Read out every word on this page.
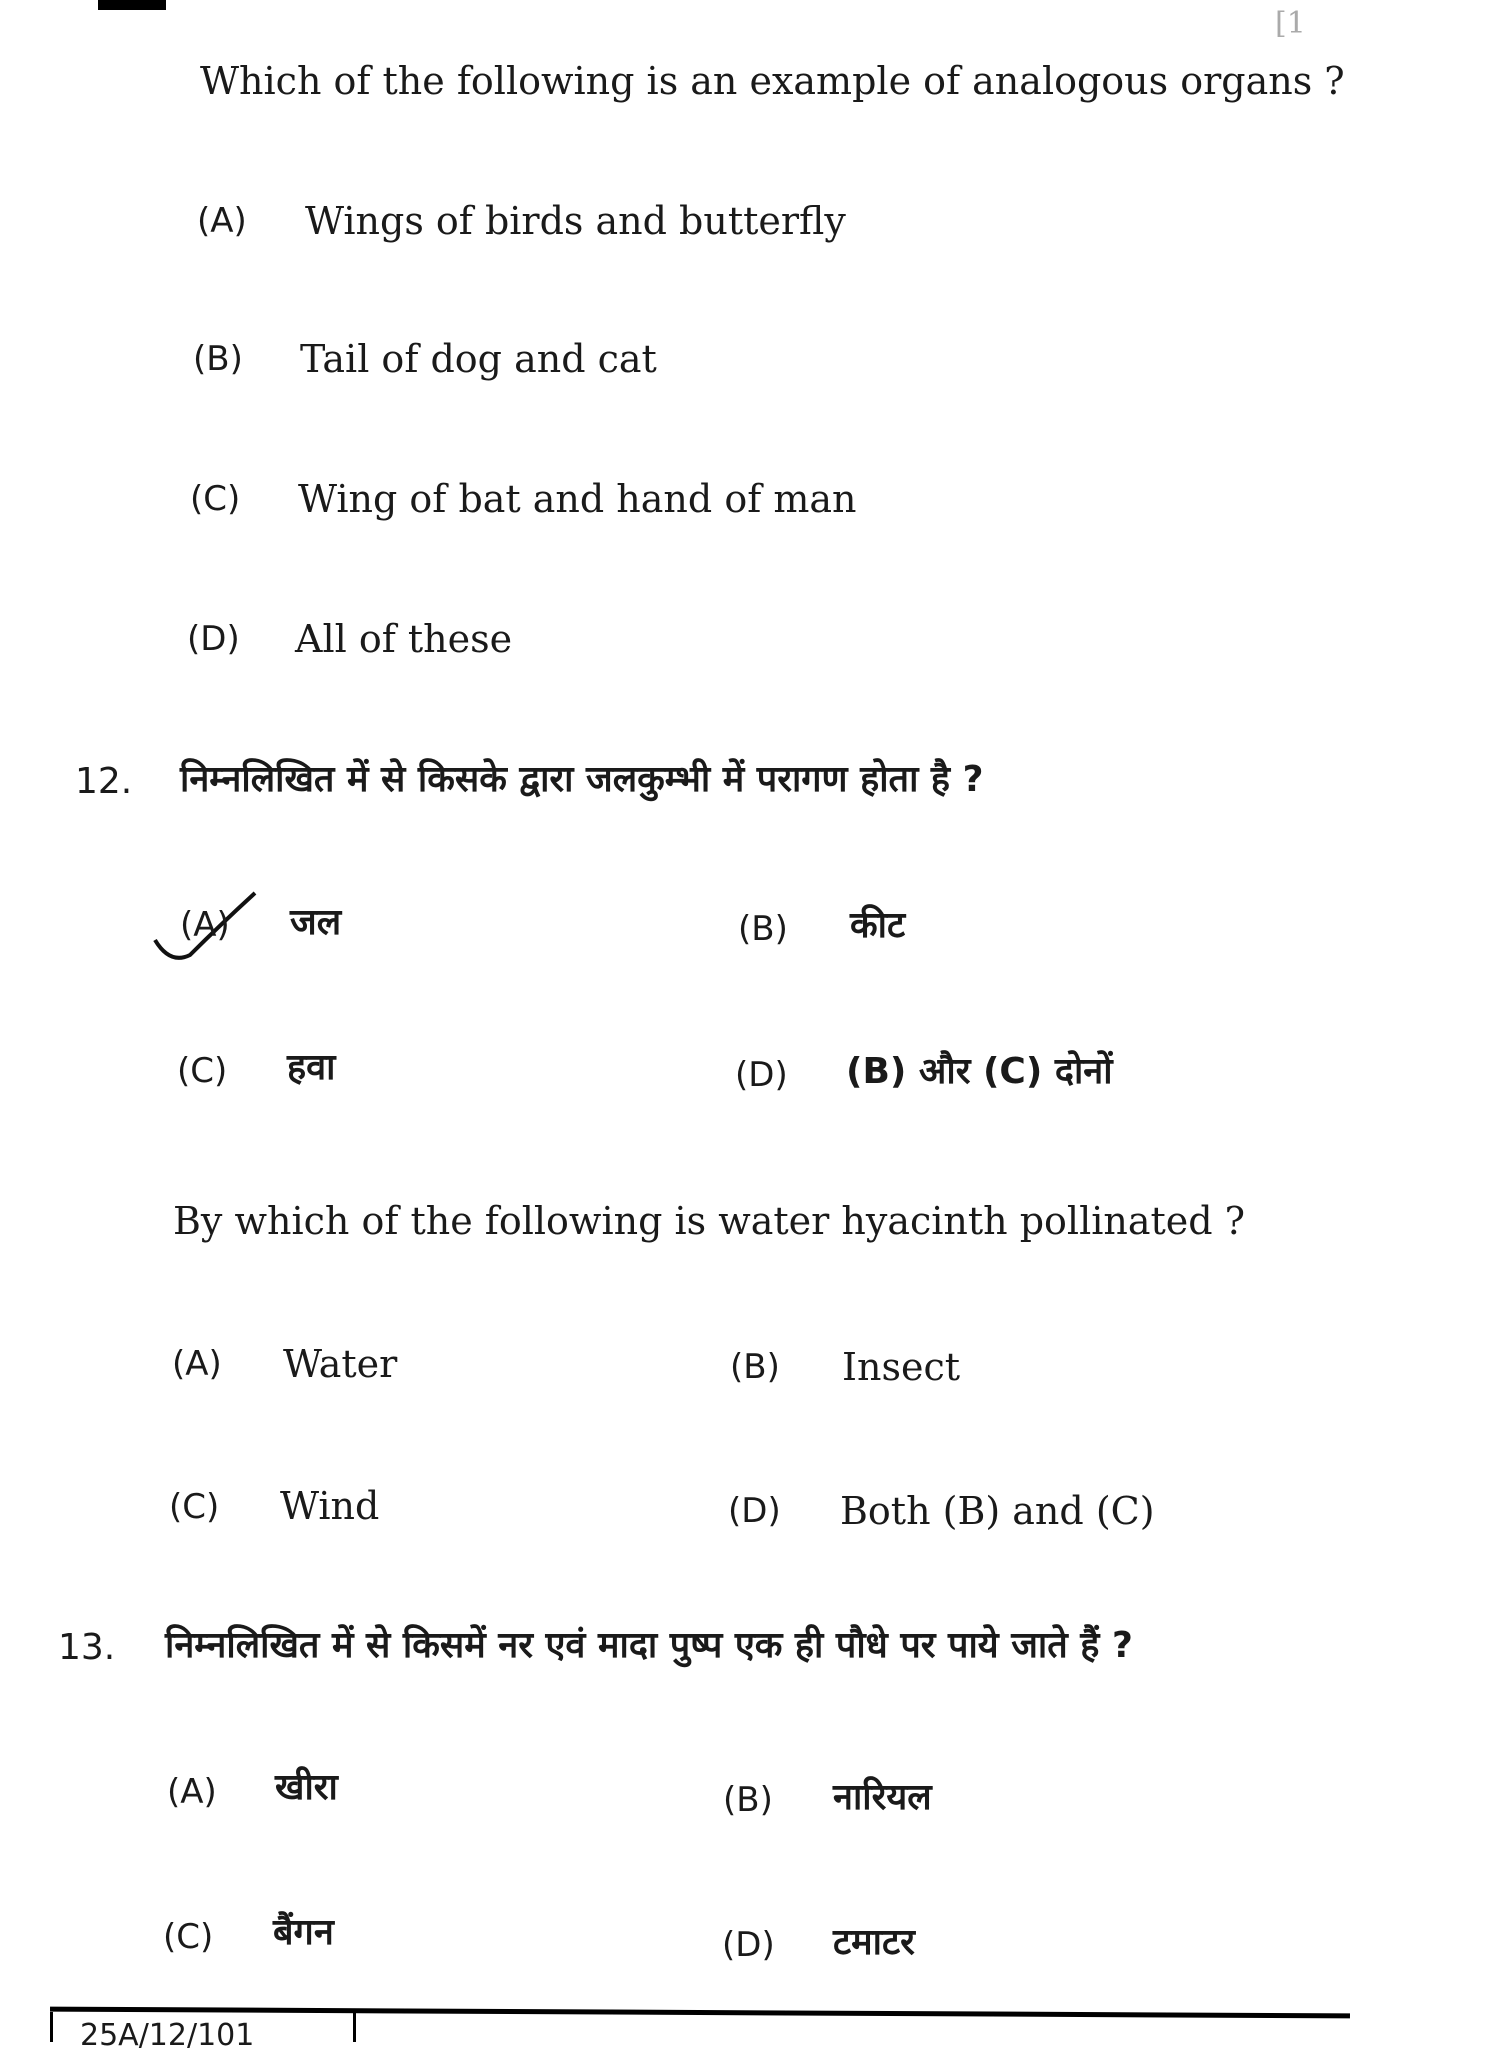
[1
Which of the following is an example of analogous organs ?
(A) Wings of birds and butterfly
(B) Tail of dog and cat
(C) Wing of bat and hand of man
(D) All of these
12. निम्नलिखित में से किसके द्वारा जलकुम्भी में परागण होता है ?
(A) जल	(B) कीट
(C) हवा	(D) (B) और (C) दोनों
By which of the following is water hyacinth pollinated ?
(A) Water	(B) Insect
(C) Wind	(D) Both (B) and (C)
13. निम्नलिखित में से किसमें नर एवं मादा पुष्प एक ही पौधे पर पाये जाते हैं ?
(A) खीरा	(B) नारियल
(C) बैंगन	(D) टमाटर
25A/12/101
